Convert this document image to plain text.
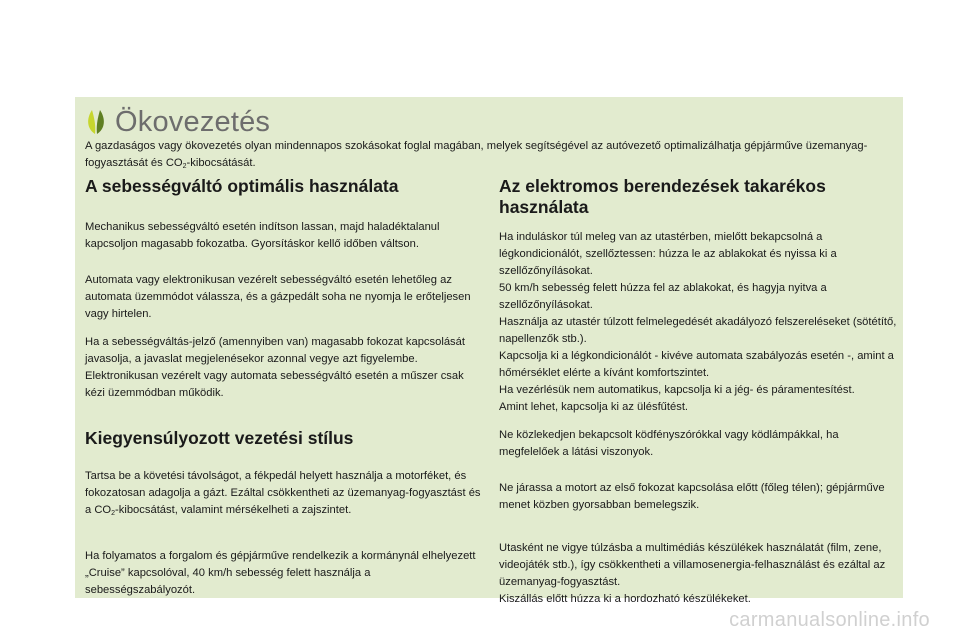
Ökovezetés
A gazdaságos vagy ökovezetés olyan mindennapos szokásokat foglal magában, melyek segítségével az autóvezető optimalizálhatja gépjárműve üzemanyag-fogyasztását és $CO_2$-kibocsátását.
A sebességváltó optimális használata

Mechanikus sebességváltó esetén indítson lassan, majd haladéktalanul kapcsoljon magasabb fokozatba. Gyorsításkor kellő időben váltson.

Automata vagy elektronikusan vezérelt sebességváltó esetén lehetőleg az automata üzemmódot válassza, és a gázpedált soha ne nyomja le erőteljesen vagy hirtelen.

Ha a sebességváltás-jelző (amennyiben van) magasabb fokozat kapcsolását javasolja, a javaslat megjelenésekor azonnal vegye azt figyelembe.

Elektronikusan vezérelt vagy automata sebességváltó esetén a műszer csak kézi üzemmódban működik.

Kiegyensúlyozott vezetési stílus

Tartsa be a követési távolságot, a fékpedál helyett használja a motorféket, és fokozatosan adagolja a gázt. Ezáltal csökkentheti az üzemanyag-fogyasztást és a $CO_2$-kibocsátást, valamint mérsékelheti a zajszintet.

Ha folyamatos a forgalom és gépjárműve rendelkezik a kormánynál elhelyezett „Cruise” kapcsolóval, 40 km/h sebesség felett használja a sebességszabályozót.

Az elektromos berendezések takarékos használata

Ha induláskor túl meleg van az utastérben, mielőtt bekapcsolná a légkondicionálót, szellőztessen: húzza le az ablakokat és nyissa ki a szellőzőnyílásokat.

50 km/h sebesség felett húzza fel az ablakokat, és hagyja nyitva a szellőzőnyílásokat.

Használja az utastér túlzott felmelegedését akadályozó felszereléseket (sötétítő, napellenzők stb.).

Kapcsolja ki a légkondicionálót - kivéve automata szabályozás esetén -, amint a hőmérséklet elérte a kívánt komfortszintet.

Ha vezérlésük nem automatikus, kapcsolja ki a jég- és páramentesítést.

Amint lehet, kapcsolja ki az ülésfűtést.

Ne közlekedjen bekapcsolt ködfényszórókkal vagy ködlámpákkal, ha megfelelőek a látási viszonyok.

Ne járassa a motort az első fokozat kapcsolása előtt (főleg télen); gépjárműve menet közben gyorsabban bemelegszik.

Utasként ne vigye túlzásba a multimédiás készülékek használatát (film, zene, videojáték stb.), így csökkentheti a villamosenergia-felhasználást és ezáltal az üzemanyag-fogyasztást.

Kiszállás előtt húzza ki a hordozható készülékeket.

carmanualsonline.info
